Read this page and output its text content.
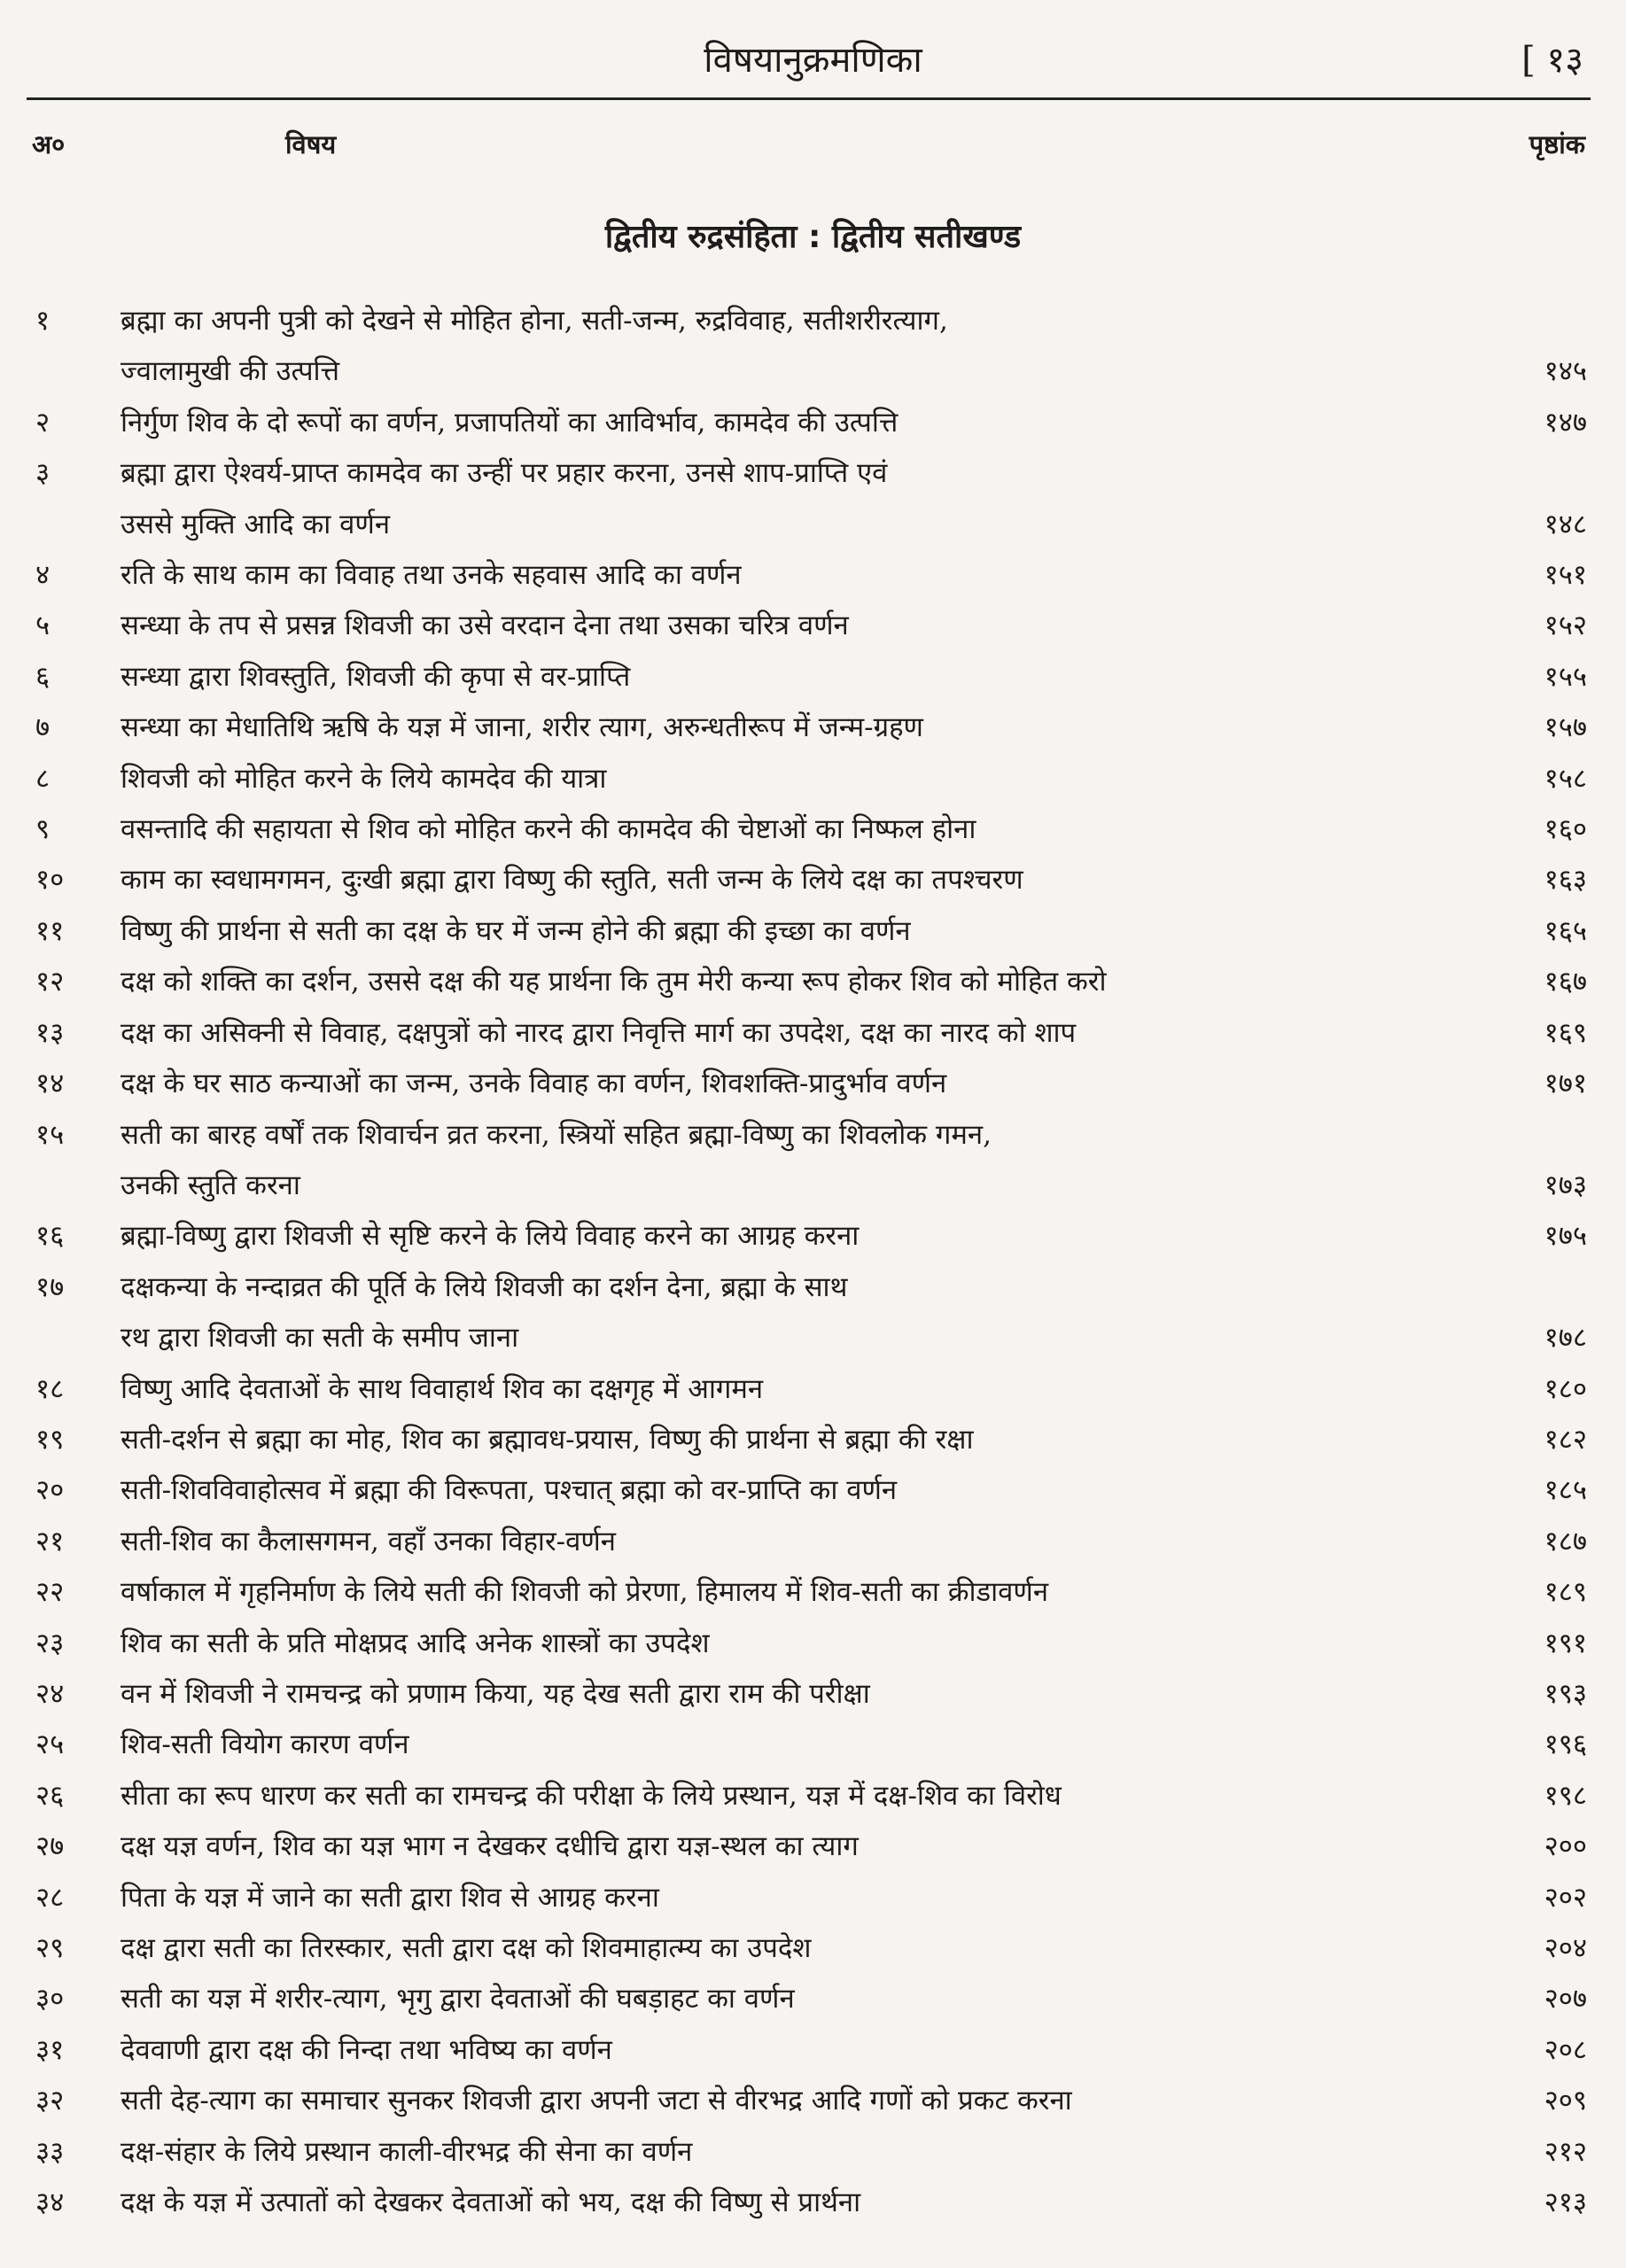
विषयानुक्रमणिका	[ १३
अ०	विषय	पृष्ठांक
द्वितीय रुद्रसंहिता : द्वितीय सतीखण्ड
१	ब्रह्मा का अपनी पुत्री को देखने से मोहित होना, सती-जन्म, रुद्रविवाह, सतीशरीरत्याग,
ज्वालामुखी की उत्पत्ति	१४५
२	निर्गुण शिव के दो रूपों का वर्णन, प्रजापतियों का आविर्भाव, कामदेव की उत्पत्ति	१४७
३	ब्रह्मा द्वारा ऐश्वर्य-प्राप्त कामदेव का उन्हीं पर प्रहार करना, उनसे शाप-प्राप्ति एवं
उससे मुक्ति आदि का वर्णन	१४८
४	रति के साथ काम का विवाह तथा उनके सहवास आदि का वर्णन	१५१
५	सन्ध्या के तप से प्रसन्न शिवजी का उसे वरदान देना तथा उसका चरित्र वर्णन	१५२
६	सन्ध्या द्वारा शिवस्तुति, शिवजी की कृपा से वर-प्राप्ति	१५५
७	सन्ध्या का मेधातिथि ऋषि के यज्ञ में जाना, शरीर त्याग, अरुन्धतीरूप में जन्म-ग्रहण	१५७
८	शिवजी को मोहित करने के लिये कामदेव की यात्रा	१५८
९	वसन्तादि की सहायता से शिव को मोहित करने की कामदेव की चेष्टाओं का निष्फल होना	१६०
१०	काम का स्वधामगमन, दुःखी ब्रह्मा द्वारा विष्णु की स्तुति, सती जन्म के लिये दक्ष का तपश्चरण	१६३
११	विष्णु की प्रार्थना से सती का दक्ष के घर में जन्म होने की ब्रह्मा की इच्छा का वर्णन	१६५
१२	दक्ष को शक्ति का दर्शन, उससे दक्ष की यह प्रार्थना कि तुम मेरी कन्या रूप होकर शिव को मोहित करो	१६७
१३	दक्ष का असिक्नी से विवाह, दक्षपुत्रों को नारद द्वारा निवृत्ति मार्ग का उपदेश, दक्ष का नारद को शाप	१६९
१४	दक्ष के घर साठ कन्याओं का जन्म, उनके विवाह का वर्णन, शिवशक्ति-प्रादुर्भाव वर्णन	१७१
१५	सती का बारह वर्षों तक शिवार्चन व्रत करना, स्त्रियों सहित ब्रह्मा-विष्णु का शिवलोक गमन,
उनकी स्तुति करना	१७३
१६	ब्रह्मा-विष्णु द्वारा शिवजी से सृष्टि करने के लिये विवाह करने का आग्रह करना	१७५
१७	दक्षकन्या के नन्दाव्रत की पूर्ति के लिये शिवजी का दर्शन देना, ब्रह्मा के साथ
रथ द्वारा शिवजी का सती के समीप जाना	१७८
१८	विष्णु आदि देवताओं के साथ विवाहार्थ शिव का दक्षगृह में आगमन	१८०
१९	सती-दर्शन से ब्रह्मा का मोह, शिव का ब्रह्मावध-प्रयास, विष्णु की प्रार्थना से ब्रह्मा की रक्षा	१८२
२०	सती-शिवविवाहोत्सव में ब्रह्मा की विरूपता, पश्चात् ब्रह्मा को वर-प्राप्ति का वर्णन	१८५
२१	सती-शिव का कैलासगमन, वहाँ उनका विहार-वर्णन	१८७
२२	वर्षाकाल में गृहनिर्माण के लिये सती की शिवजी को प्रेरणा, हिमालय में शिव-सती का क्रीडावर्णन	१८९
२३	शिव का सती के प्रति मोक्षप्रद आदि अनेक शास्त्रों का उपदेश	१९१
२४	वन में शिवजी ने रामचन्द्र को प्रणाम किया, यह देख सती द्वारा राम की परीक्षा	१९३
२५	शिव-सती वियोग कारण वर्णन	१९६
२६	सीता का रूप धारण कर सती का रामचन्द्र की परीक्षा के लिये प्रस्थान, यज्ञ में दक्ष-शिव का विरोध	१९८
२७	दक्ष यज्ञ वर्णन, शिव का यज्ञ भाग न देखकर दधीचि द्वारा यज्ञ-स्थल का त्याग	२००
२८	पिता के यज्ञ में जाने का सती द्वारा शिव से आग्रह करना	२०२
२९	दक्ष द्वारा सती का तिरस्कार, सती द्वारा दक्ष को शिवमाहात्म्य का उपदेश	२०४
३०	सती का यज्ञ में शरीर-त्याग, भृगु द्वारा देवताओं की घबड़ाहट का वर्णन	२०७
३१	देववाणी द्वारा दक्ष की निन्दा तथा भविष्य का वर्णन	२०८
३२	सती देह-त्याग का समाचार सुनकर शिवजी द्वारा अपनी जटा से वीरभद्र आदि गणों को प्रकट करना	२०९
३३	दक्ष-संहार के लिये प्रस्थान काली-वीरभद्र की सेना का वर्णन	२१२
३४	दक्ष के यज्ञ में उत्पातों को देखकर देवताओं को भय, दक्ष की विष्णु से प्रार्थना	२१३
